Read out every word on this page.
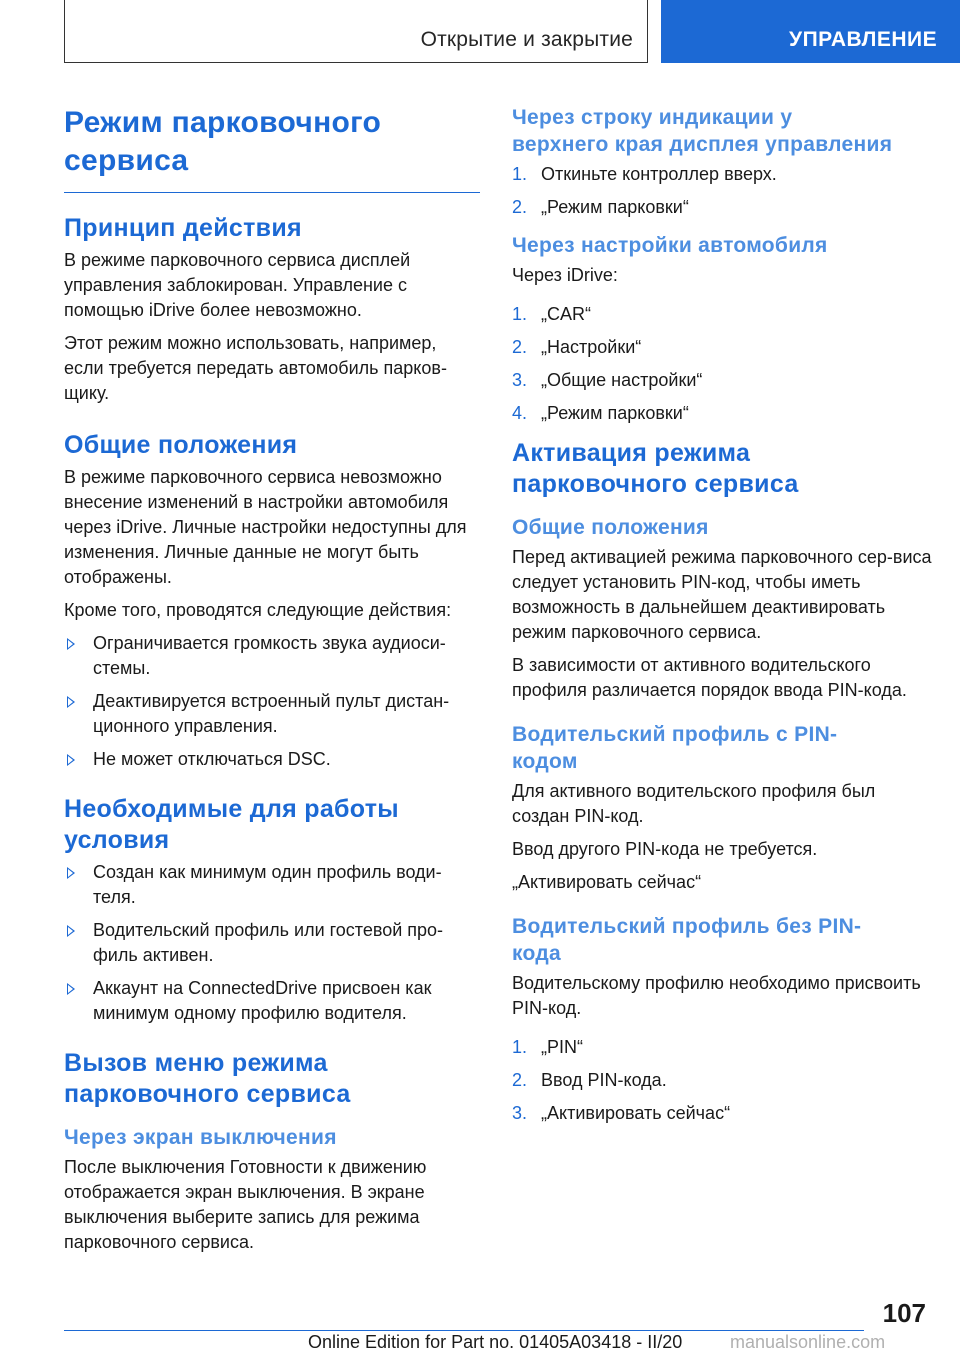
Открытие и закрытие	УПРАВЛЕНИЕ
Режим парковочного
сервиса
Принцип действия

В режиме парковочного сервиса дисплей управления заблокирован. Управление с помощью iDrive более невозможно.

Этот режим можно использовать, например, если требуется передать автомобиль парков‐щику.

Общие положения

В режиме парковочного сервиса невозможно внесение изменений в настройки автомобиля через iDrive. Личные настройки недоступны для изменения. Личные данные не могут быть отображены.

Кроме того, проводятся следующие действия:

Ограничивается громкость звука аудиоси‐стемы.
Деактивируется встроенный пульт дистан‐ционного управления.
Не может отключаться DSC.
Необходимые для работы
условия
Создан как минимум один профиль води‐теля.
Водительский профиль или гостевой про‐филь активен.
Аккаунт на ConnectedDrive присвоен как минимум одному профилю водителя.
Вызов меню режима
парковочного сервиса
Через экран выключения

После выключения Готовности к движению отображается экран выключения. В экране выключения выберите запись для режима парковочного сервиса.

Через строку индикации у
верхнего края дисплея управления
1. Откиньте контроллер вверх.
2. „Режим парковки“
Через настройки автомобиля

Через iDrive:

1. „CAR“
2. „Настройки“
3. „Общие настройки“
4. „Режим парковки“
Активация режима
парковочного сервиса
Общие положения

Перед активацией режима парковочного сер‐виса следует установить PIN-код, чтобы иметь возможность в дальнейшем деактивировать режим парковочного сервиса.

В зависимости от активного водительского профиля различается порядок ввода PIN-кода.

Водительский профиль с PIN-
кодом

Для активного водительского профиля был создан PIN-код.

Ввод другого PIN-кода не требуется.

„Активировать сейчас“

Водительский профиль без PIN-
кода

Водительскому профилю необходимо присвоить PIN-код.

1. „PIN“
2. Ввод PIN-кода.
3. „Активировать сейчас“
107
Online Edition for Part no. 01405A03418 - II/20	manualsonline.com
